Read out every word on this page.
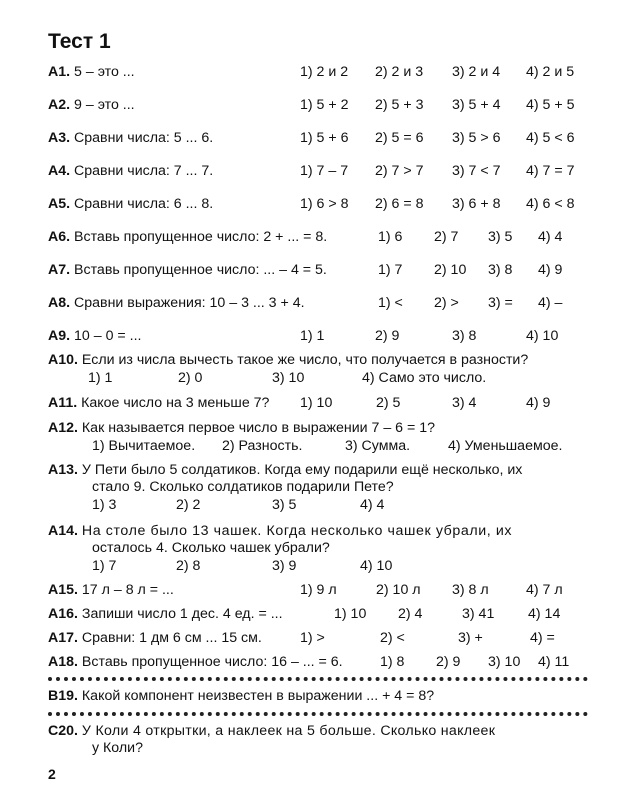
Тест 1
А1. 5 – это ...	1) 2 и 2 2) 2 и 3 3) 2 и 4 4) 2 и 5
А2. 9 – это ...	1) 5 + 2 2) 5 + 3 3) 5 + 4 4) 5 + 5
А3. Сравни числа: 5 ... 6.	1) 5 + 6 2) 5 = 6 3) 5 > 6 4) 5 < 6
А4. Сравни числа: 7 ... 7.	1) 7 – 7 2) 7 > 7 3) 7 < 7 4) 7 = 7
А5. Сравни числа: 6 ... 8.	1) 6 > 8 2) 6 = 8 3) 6 + 8 4) 6 < 8
А6. Вставь пропущенное число: 2 + ... = 8.	1) 6 2) 7 3) 5 4) 4
А7. Вставь пропущенное число: ... – 4 = 5.	1) 7 2) 10 3) 8 4) 9
А8. Сравни выражения: 10 – 3 ... 3 + 4.	1) < 2) > 3) = 4) –
А9. 10 – 0 = ...	1) 1	2) 9	3) 8	4) 10
А10. Если из числа вычесть такое же число, что получается в разности?
1) 1	2) 0	3) 10	4) Само это число.
А11. Какое число на 3 меньше 7? 1) 10	2) 5	3) 4	4) 9
А12. Как называется первое число в выражении 7 – 6 = 1?
1) Вычитаемое. 2) Разность.	3) Сумма.	4) Уменьшаемое.
А13. У Пети было 5 солдатиков. Когда ему подарили ещё несколько, их
стало 9. Сколько солдатиков подарили Пете?
1) 3	2) 2	3) 5	4) 4
А14. На столе было 13 чашек. Когда несколько чашек убрали, их
осталось 4. Сколько чашек убрали?
1) 7	2) 8	3) 9	4) 10
А15. 17 л – 8 л = ...	1) 9 л	2) 10 л 3) 8 л	4) 7 л
А16. Запиши число 1 дес. 4 ед. = ...	1) 10 2) 4	3) 41 4) 14
А17. Сравни: 1 дм 6 см ... 15 см.	1) >	2) <	3) +	4) =
А18. Вставь пропущенное число: 16 – ... = 6.	1) 8 2) 9 3) 10 4) 11
В19. Какой компонент неизвестен в выражении ... + 4 = 8?
С20. У Коли 4 открытки, а наклеек на 5 больше. Сколько наклеек
у Коли?
2
